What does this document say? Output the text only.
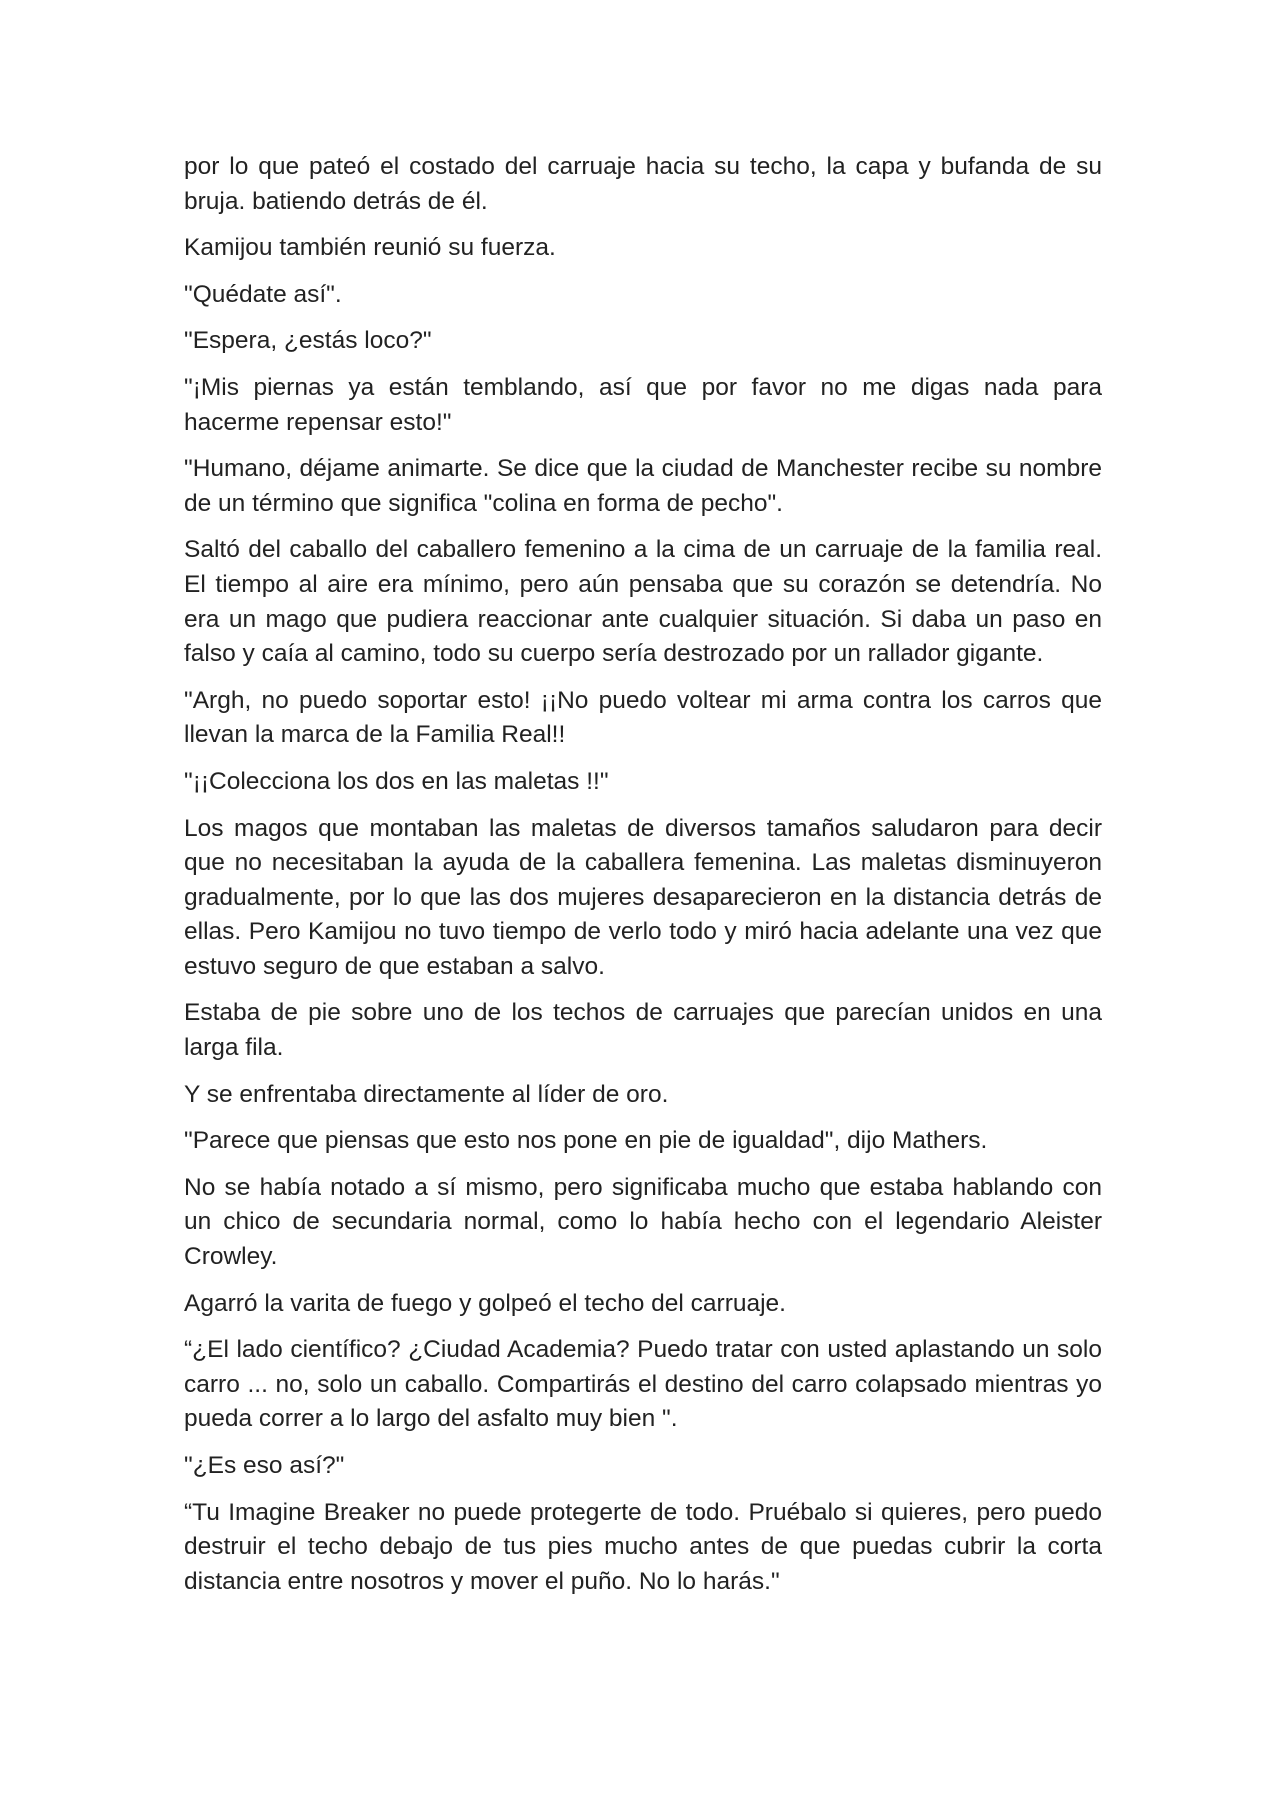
por lo que pateó el costado del carruaje hacia su techo, la capa y bufanda de su bruja. batiendo detrás de él.

Kamijou también reunió su fuerza.

"Quédate así".

"Espera, ¿estás loco?"

"¡Mis piernas ya están temblando, así que por favor no me digas nada para hacerme repensar esto!"

"Humano, déjame animarte. Se dice que la ciudad de Manchester recibe su nombre de un término que significa "colina en forma de pecho".

Saltó del caballo del caballero femenino a la cima de un carruaje de la familia real. El tiempo al aire era mínimo, pero aún pensaba que su corazón se detendría. No era un mago que pudiera reaccionar ante cualquier situación. Si daba un paso en falso y caía al camino, todo su cuerpo sería destrozado por un rallador gigante.

"Argh, no puedo soportar esto! ¡¡No puedo voltear mi arma contra los carros que llevan la marca de la Familia Real!!

"¡¡Colecciona los dos en las maletas !!"

Los magos que montaban las maletas de diversos tamaños saludaron para decir que no necesitaban la ayuda de la caballera femenina. Las maletas disminuyeron gradualmente, por lo que las dos mujeres desaparecieron en la distancia detrás de ellas. Pero Kamijou no tuvo tiempo de verlo todo y miró hacia adelante una vez que estuvo seguro de que estaban a salvo.

Estaba de pie sobre uno de los techos de carruajes que parecían unidos en una larga fila.

Y se enfrentaba directamente al líder de oro.

"Parece que piensas que esto nos pone en pie de igualdad", dijo Mathers.

No se había notado a sí mismo, pero significaba mucho que estaba hablando con un chico de secundaria normal, como lo había hecho con el legendario Aleister Crowley.

Agarró la varita de fuego y golpeó el techo del carruaje.

“¿El lado científico? ¿Ciudad Academia? Puedo tratar con usted aplastando un solo carro ... no, solo un caballo. Compartirás el destino del carro colapsado mientras yo pueda correr a lo largo del asfalto muy bien ".

"¿Es eso así?"

“Tu Imagine Breaker no puede protegerte de todo. Pruébalo si quieres, pero puedo destruir el techo debajo de tus pies mucho antes de que puedas cubrir la corta distancia entre nosotros y mover el puño. No lo harás."
